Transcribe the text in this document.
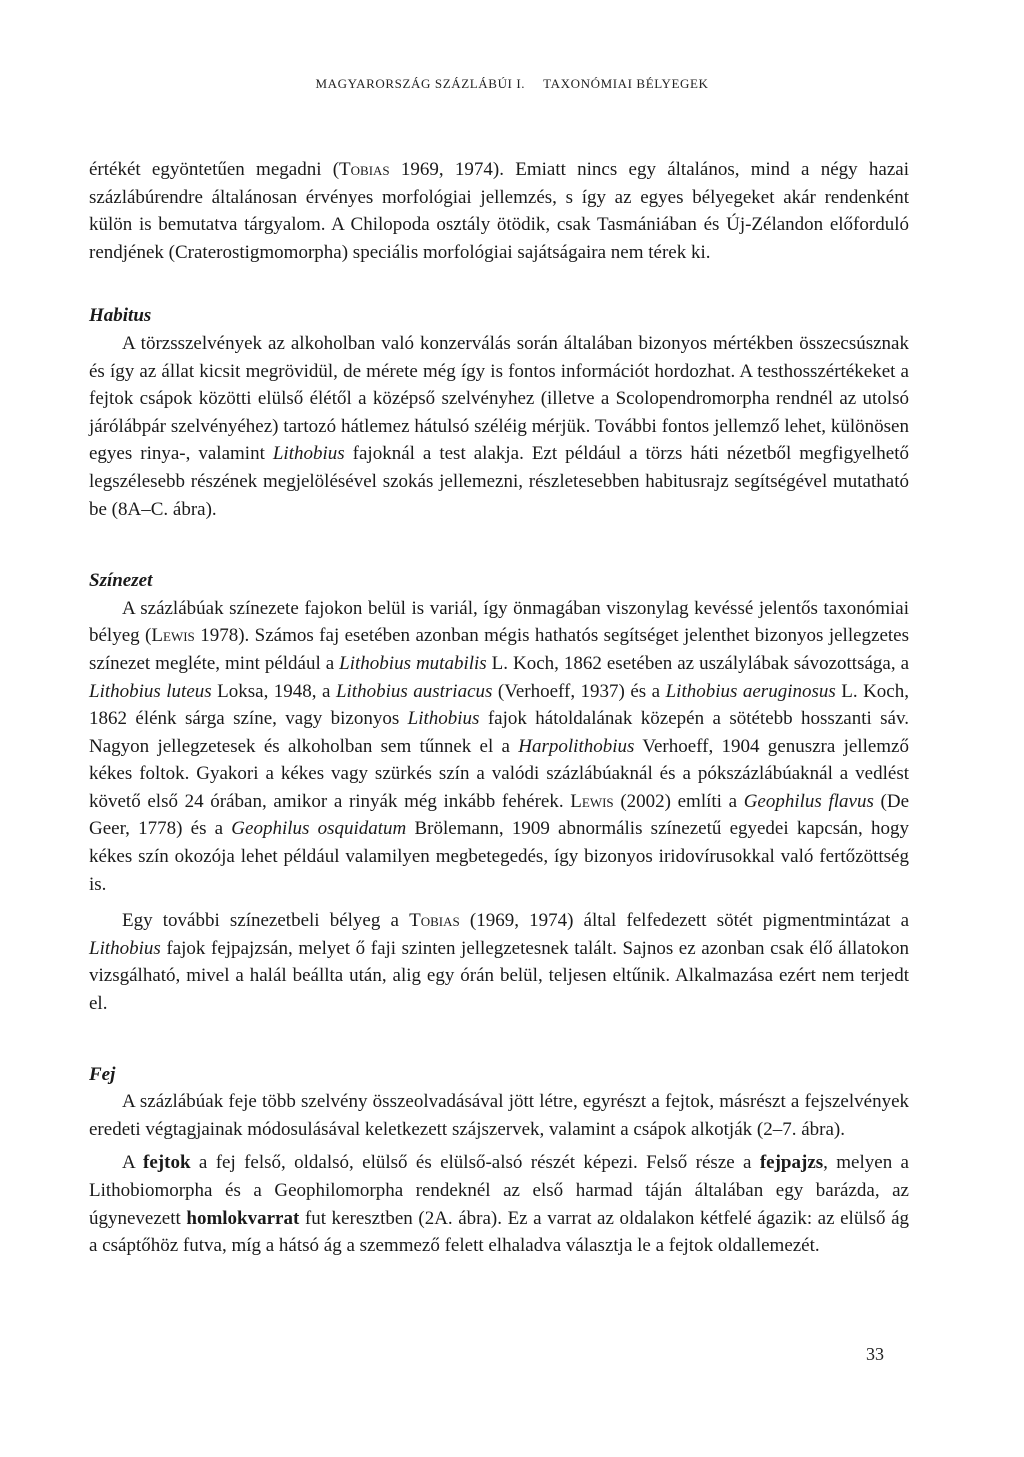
MAGYARORSZÁG SZÁZLÁBÚI I. TAXONÓMIAI BÉLYEGEK

értékét egyöntetűen megadni (Tobias 1969, 1974). Emiatt nincs egy általános, mind a négy hazai százlábúrendre általánosan érvényes morfológiai jellemzés, s így az egyes bélyegeket akár rendenként külön is bemutatva tárgyalom. A Chilopoda osztály ötödik, csak Tasmániában és Új-Zélandon előforduló rendjének (Craterostigmomorpha) speciális morfológiai sajátságaira nem térek ki.

Habitus

A törzsszelvények az alkoholban való konzerválás során általában bizonyos mértékben összecsúsznak és így az állat kicsit megrövidül, de mérete még így is fontos információt hordozhat. A testhosszértékeket a fejtok csápok közötti elülső élétől a középső szelvényhez (illetve a Scolopendromorpha rendnél az utolsó járólábpár szelvényéhez) tartozó hátlemez hátulsó széléig mérjük. További fontos jellemző lehet, különösen egyes rinya-, valamint Lithobius fajoknál a test alakja. Ezt például a törzs háti nézetből megfigyelhető legszélesebb részének megjelölésével szokás jellemezni, részletesebben habitusrajz segítségével mutatható be (8A–C. ábra).

Színezet

A százlábúak színezete fajokon belül is variál, így önmagában viszonylag kevéssé jelentős taxonómiai bélyeg (Lewis 1978). Számos faj esetében azonban mégis hathatós segítséget jelenthet bizonyos jellegzetes színezet megléte, mint például a Lithobius mutabilis L. Koch, 1862 esetében az uszálylábak sávozottsága, a Lithobius luteus Loksa, 1948, a Lithobius austriacus (Verhoeff, 1937) és a Lithobius aeruginosus L. Koch, 1862 élénk sárga színe, vagy bizonyos Lithobius fajok hátoldalának közepén a sötétebb hosszanti sáv. Nagyon jellegzetesek és alkoholban sem tűnnek el a Harpolithobius Verhoeff, 1904 genuszra jellemző kékes foltok. Gyakori a kékes vagy szürkés szín a valódi százlábúaknál és a pókszázlábúaknál a vedlést követő első 24 órában, amikor a rinyák még inkább fehérek. Lewis (2002) említi a Geophilus flavus (De Geer, 1778) és a Geophilus osquidatum Brölemann, 1909 abnormális színezetű egyedei kapcsán, hogy kékes szín okozója lehet például valamilyen megbetegedés, így bizonyos iridovírusokkal való fertőzöttség is.

Egy további színezetbeli bélyeg a Tobias (1969, 1974) által felfedezett sötét pigmentmintázat a Lithobius fajok fejpajzsán, melyet ő faji szinten jellegzetesnek talált. Sajnos ez azonban csak élő állatokon vizsgálható, mivel a halál beállta után, alig egy órán belül, teljesen eltűnik. Alkalmazása ezért nem terjedt el.

Fej

A százlábúak feje több szelvény összeolvadásával jött létre, egyrészt a fejtok, másrészt a fejszelvények eredeti végtagjainak módosulásával keletkezett szájszervek, valamint a csápok alkotják (2–7. ábra).

A fejtok a fej felső, oldalsó, elülső és elülső-alsó részét képezi. Felső része a fejpajzs, melyen a Lithobiomorpha és a Geophilomorpha rendeknél az első harmad táján általában egy barázda, az úgynevezett homlokvarrat fut keresztben (2A. ábra). Ez a varrat az oldalakon kétfelé ágazik: az elülső ág a csáptőhöz futva, míg a hátsó ág a szemmező felett elhaladva választja le a fejtok oldallemezét.

33
